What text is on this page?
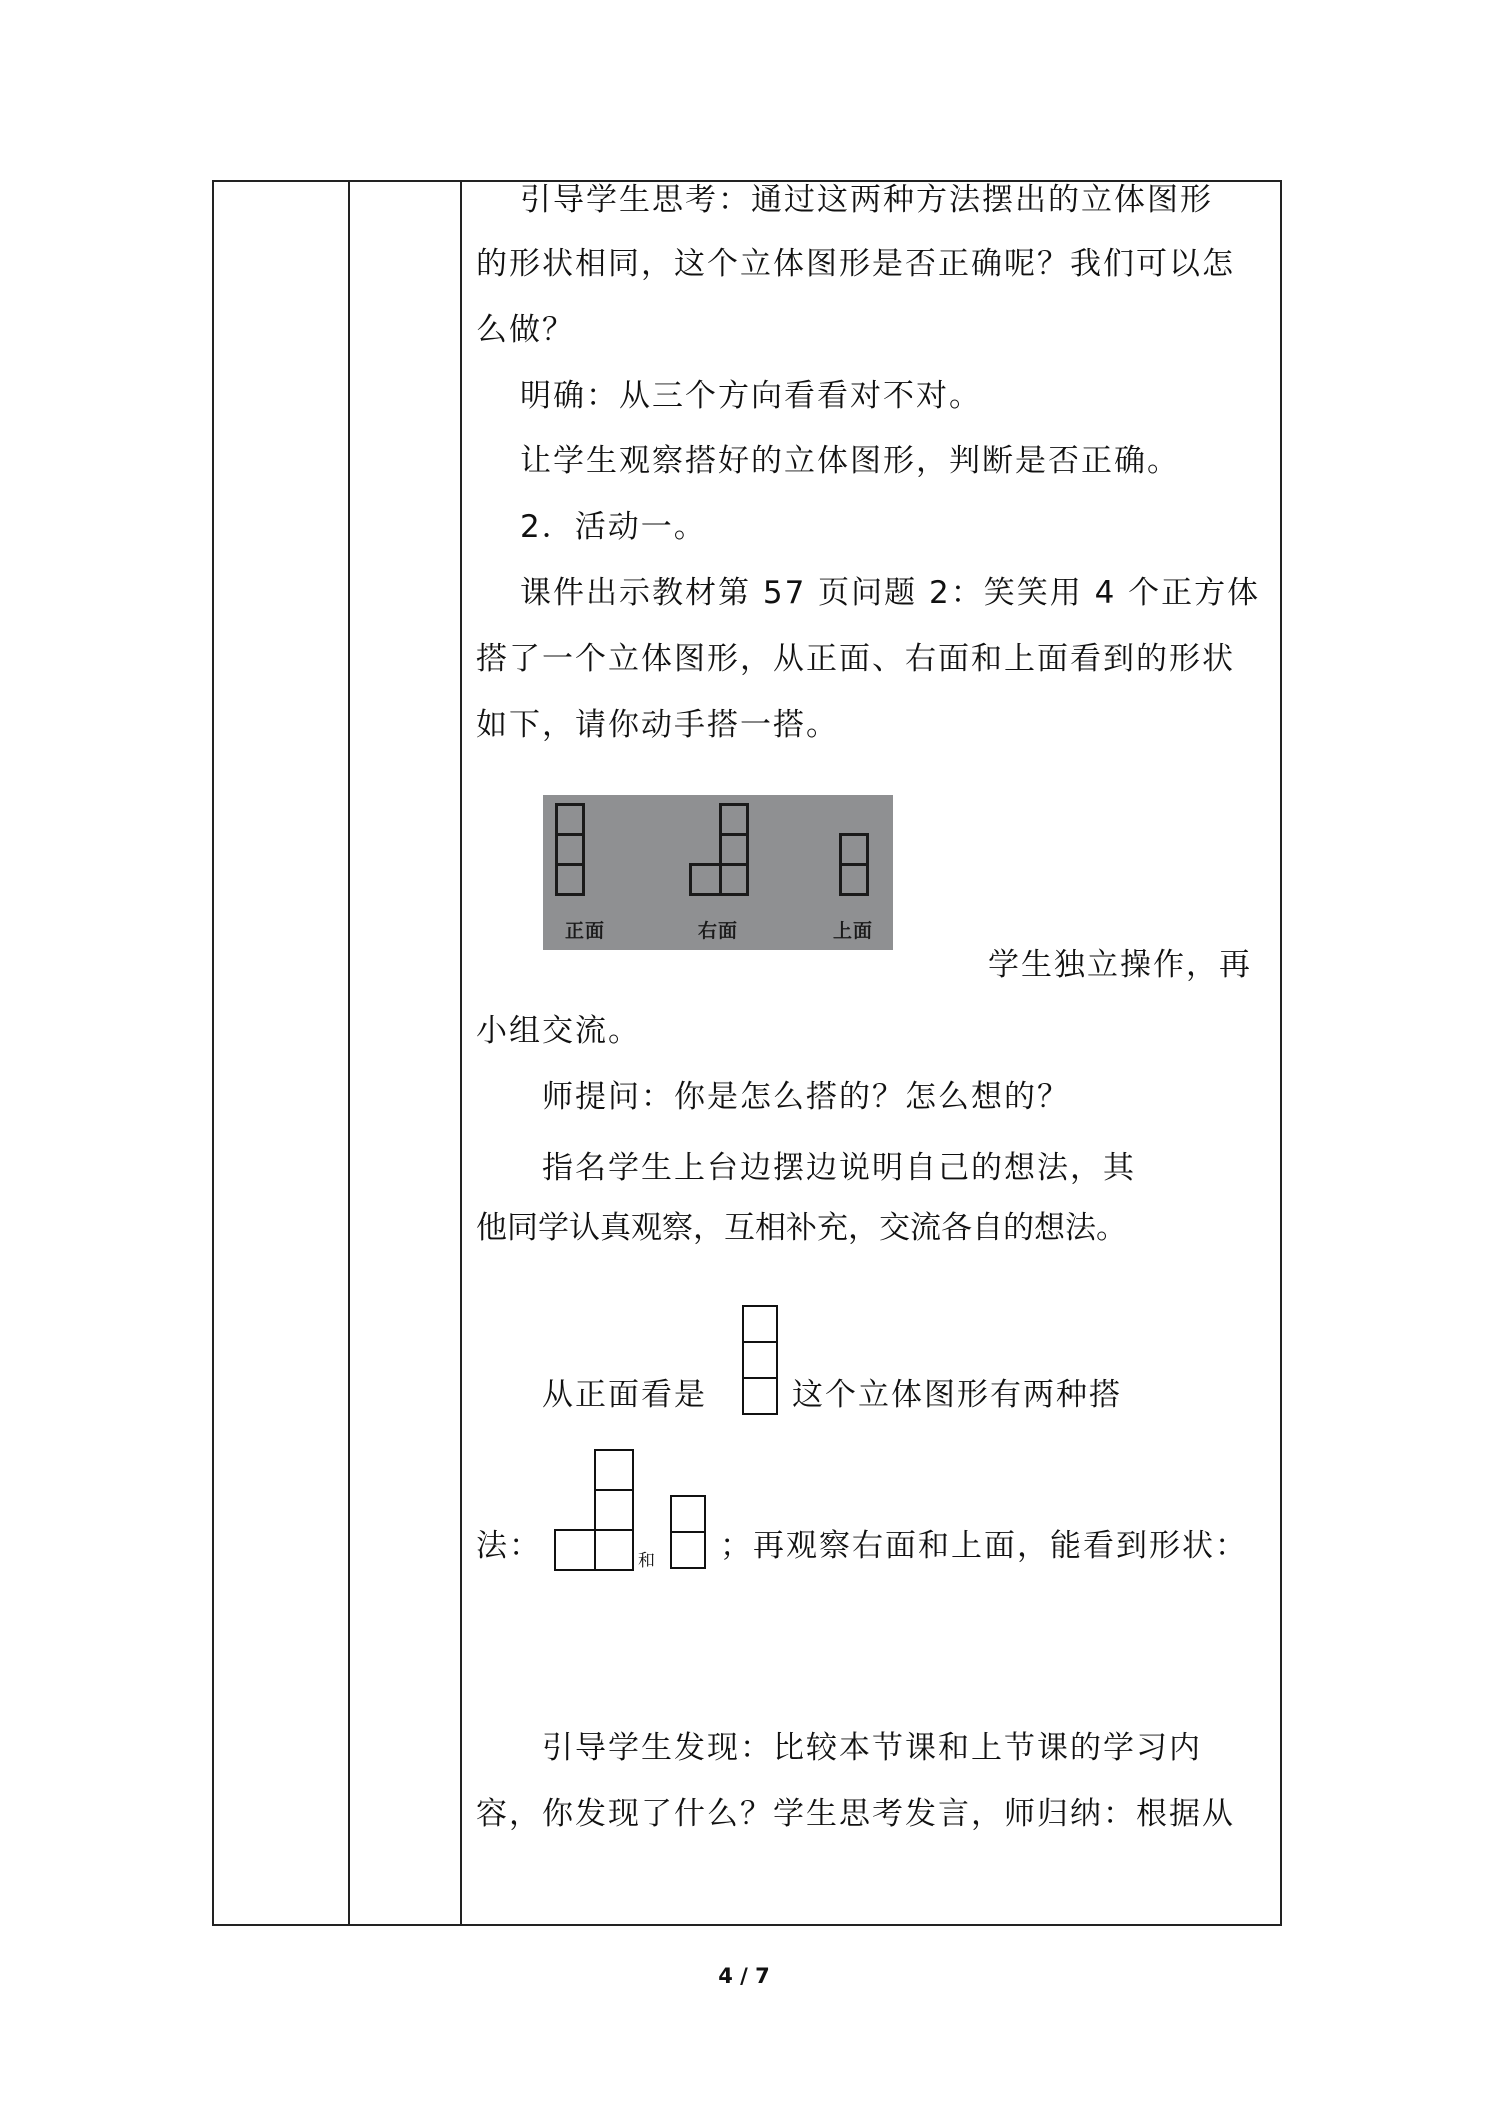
引导学生思考：通过这两种方法摆出的立体图形

的形状相同，这个立体图形是否正确呢？我们可以怎

么做？

明确：从三个方向看看对不对。

让学生观察搭好的立体图形，判断是否正确。

2．活动一。

课件出示教材第 57 页问题 2：笑笑用 4 个正方体

搭了一个立体图形，从正面、右面和上面看到的形状

如下，请你动手搭一搭。

学生独立操作，再

小组交流。

师提问：你是怎么搭的？怎么想的？

指名学生上台边摆边说明自己的想法，其

他同学认真观察，互相补充，交流各自的想法。

从正面看是	这个立体图形有两种搭
法：	和 ；再观察右面和上面，能看到形状：

引导学生发现：比较本节课和上节课的学习内

容，你发现了什么？学生思考发言，师归纳：根据从

正面	右面	上面
4 / 7
